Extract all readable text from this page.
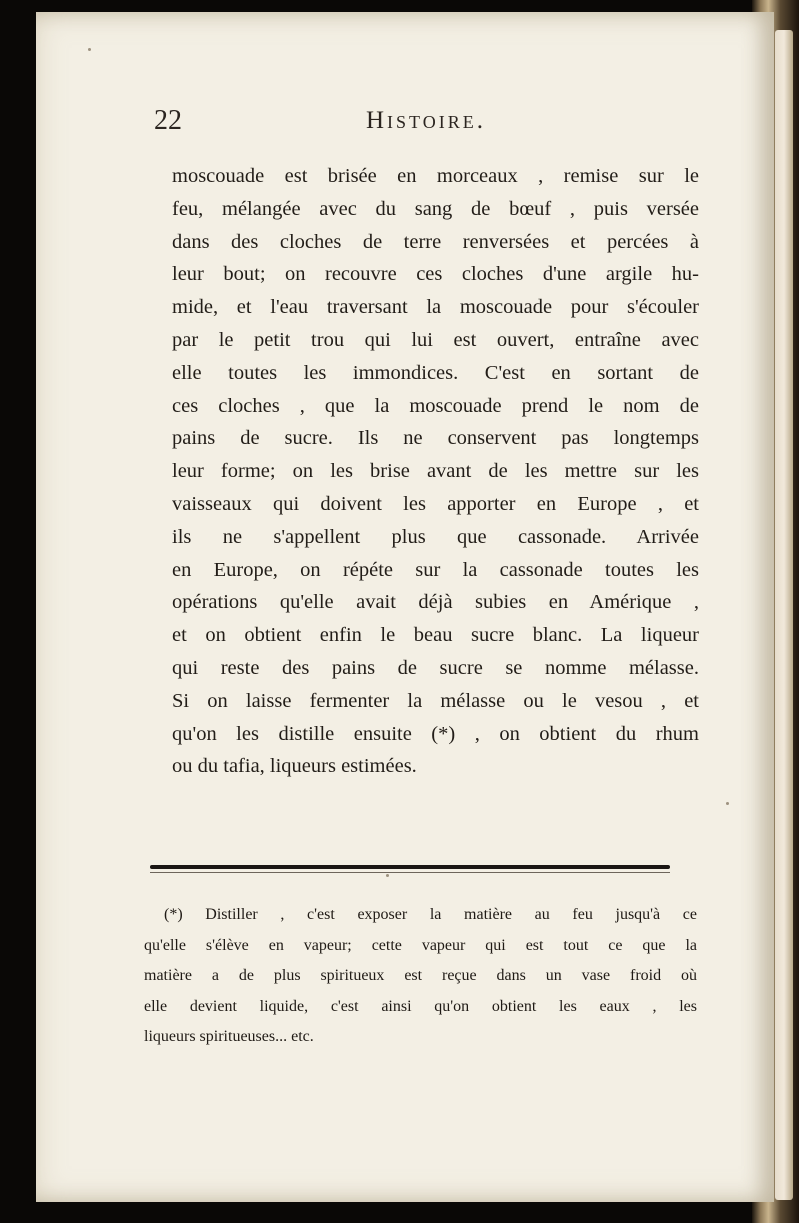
22	Histoire.
moscouade est brisée en morceaux , remise sur le
feu, mélangée avec du sang de bœuf , puis versée
dans des cloches de terre renversées et percées à
leur bout; on recouvre ces cloches d'une argile hu-
mide, et l'eau traversant la moscouade pour s'écouler
par le petit trou qui lui est ouvert, entraîne avec
elle toutes les immondices. C'est en sortant de
ces cloches , que la moscouade prend le nom de
pains de sucre. Ils ne conservent pas longtemps
leur forme; on les brise avant de les mettre sur les
vaisseaux qui doivent les apporter en Europe , et
ils ne s'appellent plus que cassonade. Arrivée
en Europe, on répéte sur la cassonade toutes les
opérations qu'elle avait déjà subies en Amérique ,
et on obtient enfin le beau sucre blanc. La liqueur
qui reste des pains de sucre se nomme mélasse.
Si on laisse fermenter la mélasse ou le vesou , et
qu'on les distille ensuite (*) , on obtient du rhum
ou du tafia, liqueurs estimées.
(*) Distiller , c'est exposer la matière au feu jusqu'à ce
qu'elle s'élève en vapeur; cette vapeur qui est tout ce que la
matière a de plus spiritueux est reçue dans un vase froid où
elle devient liquide, c'est ainsi qu'on obtient les eaux , les
liqueurs spiritueuses... etc.
